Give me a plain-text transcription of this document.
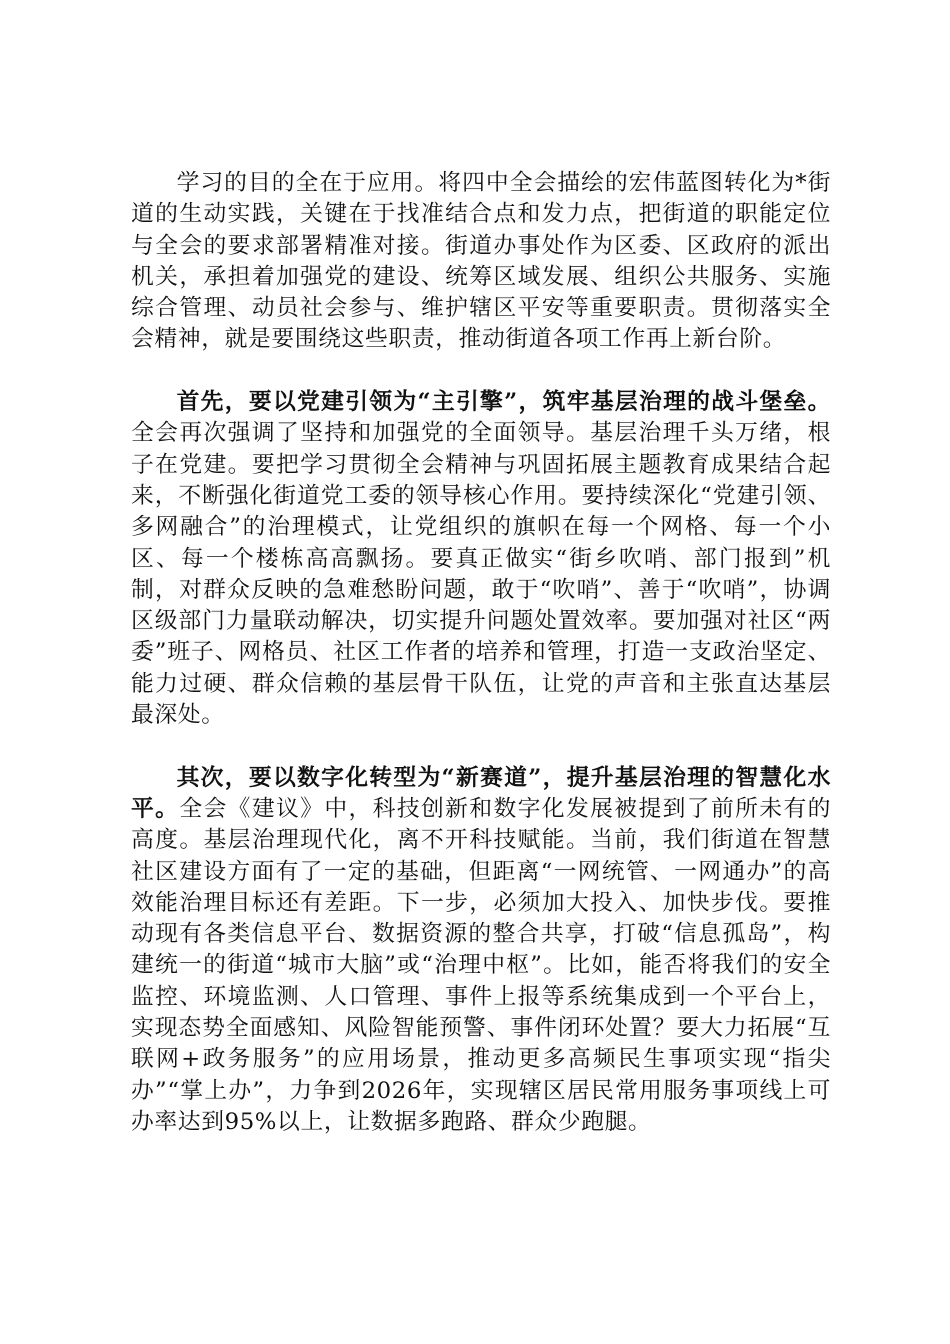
学习的目的全在于应用。将四中全会描绘的宏伟蓝图转化为*街道的生动实践，关键在于找准结合点和发力点，把街道的职能定位与全会的要求部署精准对接。街道办事处作为区委、区政府的派出机关，承担着加强党的建设、统筹区域发展、组织公共服务、实施综合管理、动员社会参与、维护辖区平安等重要职责。贯彻落实全会精神，就是要围绕这些职责，推动街道各项工作再上新台阶。

首先，要以党建引领为“主引擎”，筑牢基层治理的战斗堡垒。全会再次强调了坚持和加强党的全面领导。基层治理千头万绪，根子在党建。要把学习贯彻全会精神与巩固拓展主题教育成果结合起来，不断强化街道党工委的领导核心作用。要持续深化“党建引领、多网融合”的治理模式，让党组织的旗帜在每一个网格、每一个小区、每一个楼栋高高飘扬。要真正做实“街乡吹哨、部门报到”机制，对群众反映的急难愁盼问题，敢于“吹哨”、善于“吹哨”，协调区级部门力量联动解决，切实提升问题处置效率。要加强对社区“两委”班子、网格员、社区工作者的培养和管理，打造一支政治坚定、能力过硬、群众信赖的基层骨干队伍，让党的声音和主张直达基层最深处。

其次，要以数字化转型为“新赛道”，提升基层治理的智慧化水平。全会《建议》中，科技创新和数字化发展被提到了前所未有的高度。基层治理现代化，离不开科技赋能。当前，我们街道在智慧社区建设方面有了一定的基础，但距离“一网统管、一网通办”的高效能治理目标还有差距。下一步，必须加大投入、加快步伐。要推动现有各类信息平台、数据资源的整合共享，打破“信息孤岛”，构建统一的街道“城市大脑”或“治理中枢”。比如，能否将我们的安全监控、环境监测、人口管理、事件上报等系统集成到一个平台上，实现态势全面感知、风险智能预警、事件闭环处置？要大力拓展“互联网+政务服务”的应用场景，推动更多高频民生事项实现“指尖办”“掌上办”，力争到2026年，实现辖区居民常用服务事项线上可办率达到95%以上，让数据多跑路、群众少跑腿。
